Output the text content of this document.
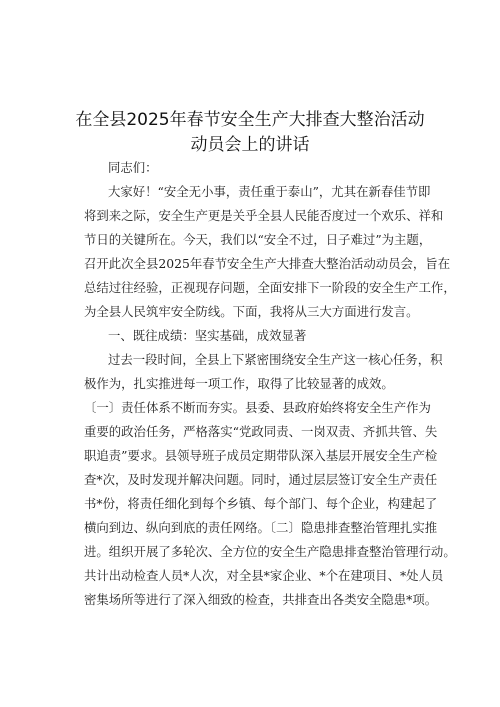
在全县2025年春节安全生产大排查大整治活动
动员会上的讲话
同志们：
大家好！“安全无小事，责任重于泰山”，尤其在新春佳节即
将到来之际，安全生产更是关乎全县人民能否度过一个欢乐、祥和
节日的关键所在。今天，我们以“安全不过，日子难过”为主题，
召开此次全县2025年春节安全生产大排查大整治活动动员会，旨在
总结过往经验，正视现存问题，全面安排下一阶段的安全生产工作，
为全县人民筑牢安全防线。下面，我将从三大方面进行发言。
一、既往成绩：坚实基础，成效显著
过去一段时间，全县上下紧密围绕安全生产这一核心任务，积
极作为，扎实推进每一项工作，取得了比较显著的成效。
〔一〕责任体系不断而夯实。县委、县政府始终将安全生产作为
重要的政治任务，严格落实“党政同责、一岗双责、齐抓共管、失
职追责”要求。县领导班子成员定期带队深入基层开展安全生产检
查*次，及时发现并解决问题。同时，通过层层签订安全生产责任
书*份，将责任细化到每个乡镇、每个部门、每个企业，构建起了
横向到边、纵向到底的责任网络。〔二〕隐患排查整治管理扎实推
进。组织开展了多轮次、全方位的安全生产隐患排查整治管理行动。
共计出动检查人员*人次，对全县*家企业、*个在建项目、*处人员
密集场所等进行了深入细致的检查，共排查出各类安全隐患*项。
